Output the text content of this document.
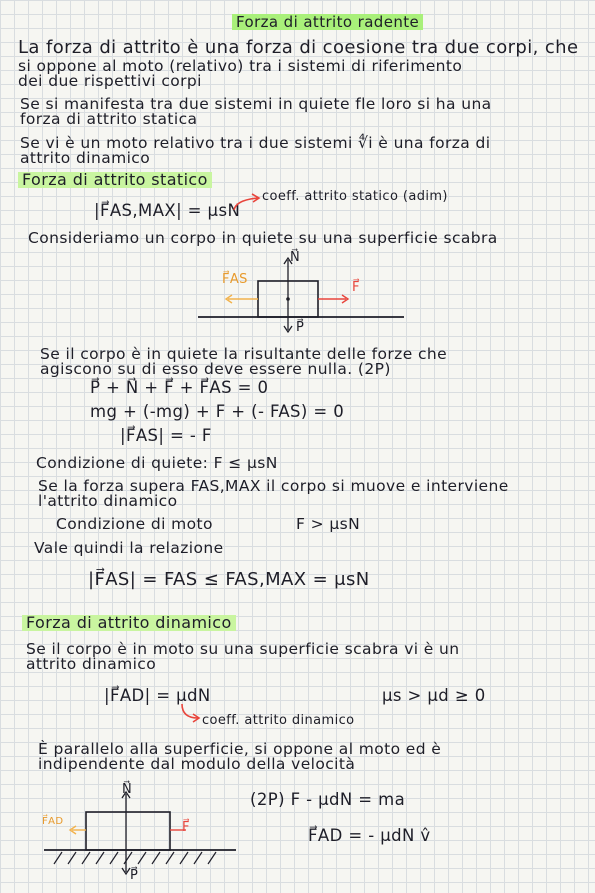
Forza di attrito radente
La forza di attrito è una forza di coesione tra due corpi, che
si oppone al moto (relativo) tra i sistemi di riferimento
dei due rispettivi corpi
Se si manifesta tra due sistemi in quiete fle loro si ha una
forza di attrito statica
Se vi è un moto relativo tra i due sistemi ∜i è una forza di
attrito dinamico
Forza di attrito statico
|F⃗AS,MAX| = μsN
coeff. attrito statico (adim)
Consideriamo un corpo in quiete su una superficie scabra
F⃗AS
N⃗
F⃗
P⃗
Se il corpo è in quiete la risultante delle forze che
agiscono su di esso deve essere nulla. (2P)
P⃗ + N⃗ + F⃗ + F⃗AS = 0
mg + (-mg) + F + (- FAS) = 0
|F⃗AS| = - F
Condizione di quiete: F ≤ μsN
Se la forza supera FAS,MAX il corpo si muove e interviene
l'attrito dinamico
Condizione di moto	F > μsN
Vale quindi la relazione
|F⃗AS| = FAS ≤ FAS,MAX = μsN
Forza di attrito dinamico
Se il corpo è in moto su una superficie scabra vi è un
attrito dinamico
|F⃗AD| = μdN	μs > μd ≥ 0
coeff. attrito dinamico
È parallelo alla superficie, si oppone al moto ed è
indipendente dal modulo della velocità
F⃗AD
N⃗
F⃗
P⃗
(2P) F - μdN = ma
F⃗AD = - μdN v̂
